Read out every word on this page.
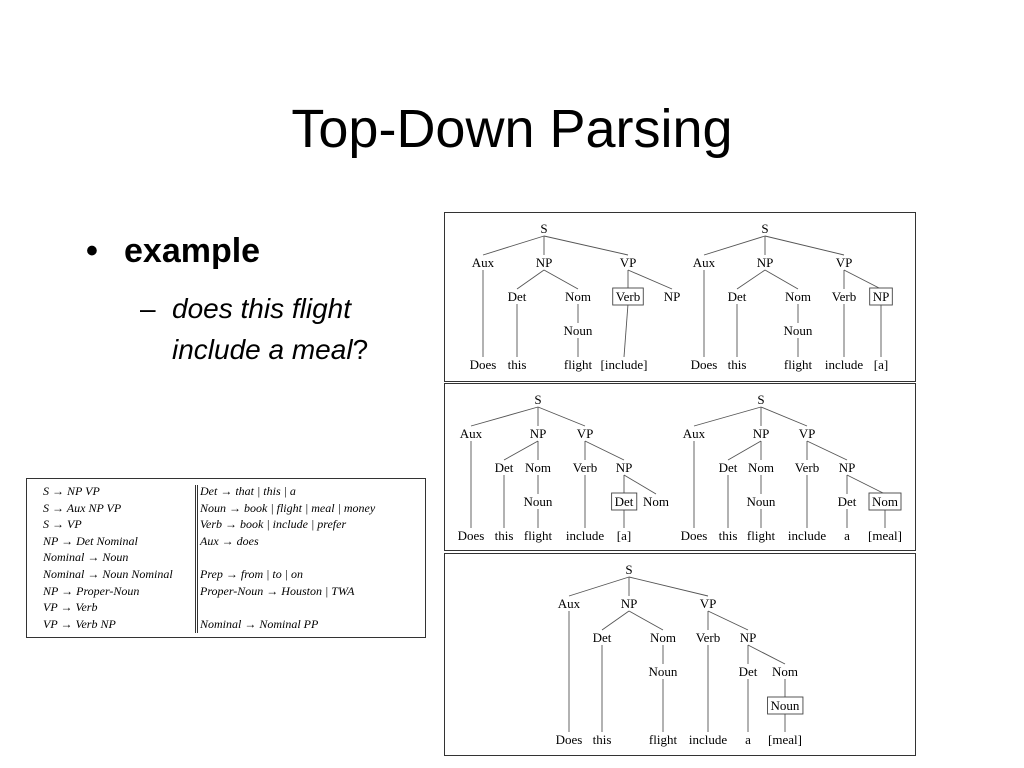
Top-Down Parsing
• example
– does this flight include a meal?
S → NP VP
S → Aux NP VP
S → VP
NP → Det Nominal
Nominal → Noun
Nominal → Noun Nominal
NP → Proper-Noun
VP → Verb
VP → Verb NP
Det → that | this | a
Noun → book | flight | meal | money
Verb → book | include | prefer
Aux → does
Prep → from | to | on
Proper-Noun → Houston | TWA
Nominal → Nominal PP
S
Aux	NP	VP
Does
Det	Nom
this
Noun
flight
Verb NP
[include]
S
Aux	NP	VP
Does
Det	Nom
this
Noun
flight
Verb NP
include [a]
S
Aux	NP VP
Does
Det Nom
this
Noun
flight
Verb NP
include
Det Nom
[a]
S
Aux	NP VP
Does
Det Nom
this
Noun
flight
Verb NP
include
Det Nom
a [meal]
S
Aux	NP	VP
Does
Det	Nom
this
Noun
flight
Verb NP
include
Det Nom
a
Noun
[meal]
